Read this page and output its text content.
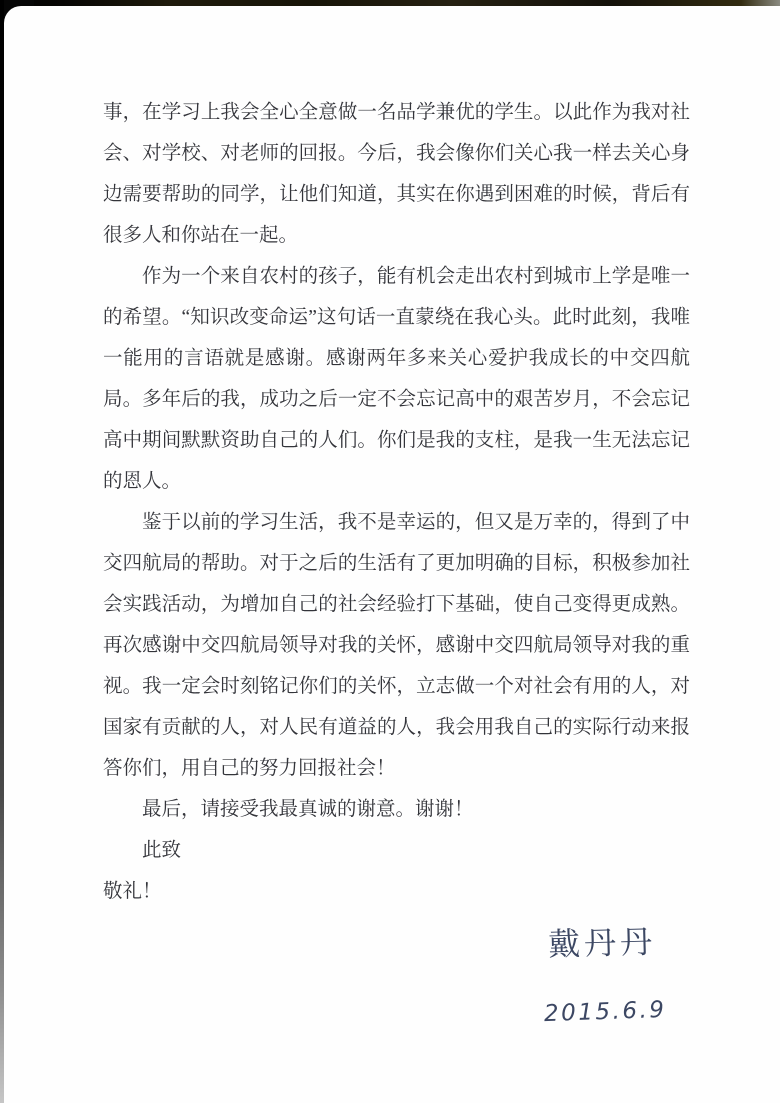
事，在学习上我会全心全意做一名品学兼优的学生。以此作为我对社会、对学校、对老师的回报。今后，我会像你们关心我一样去关心身边需要帮助的同学，让他们知道，其实在你遇到困难的时候，背后有很多人和你站在一起。

作为一个来自农村的孩子，能有机会走出农村到城市上学是唯一的希望。“知识改变命运”这句话一直蒙绕在我心头。此时此刻，我唯一能用的言语就是感谢。感谢两年多来关心爱护我成长的中交四航局。多年后的我，成功之后一定不会忘记高中的艰苦岁月，不会忘记高中期间默默资助自己的人们。你们是我的支柱，是我一生无法忘记的恩人。

鉴于以前的学习生活，我不是幸运的，但又是万幸的，得到了中交四航局的帮助。对于之后的生活有了更加明确的目标，积极参加社会实践活动，为增加自己的社会经验打下基础，使自己变得更成熟。再次感谢中交四航局领导对我的关怀，感谢中交四航局领导对我的重视。我一定会时刻铭记你们的关怀，立志做一个对社会有用的人，对国家有贡献的人，对人民有道益的人，我会用我自己的实际行动来报答你们，用自己的努力回报社会！

最后，请接受我最真诚的谢意。谢谢！

此致

敬礼！

戴丹丹
2015.6.9
